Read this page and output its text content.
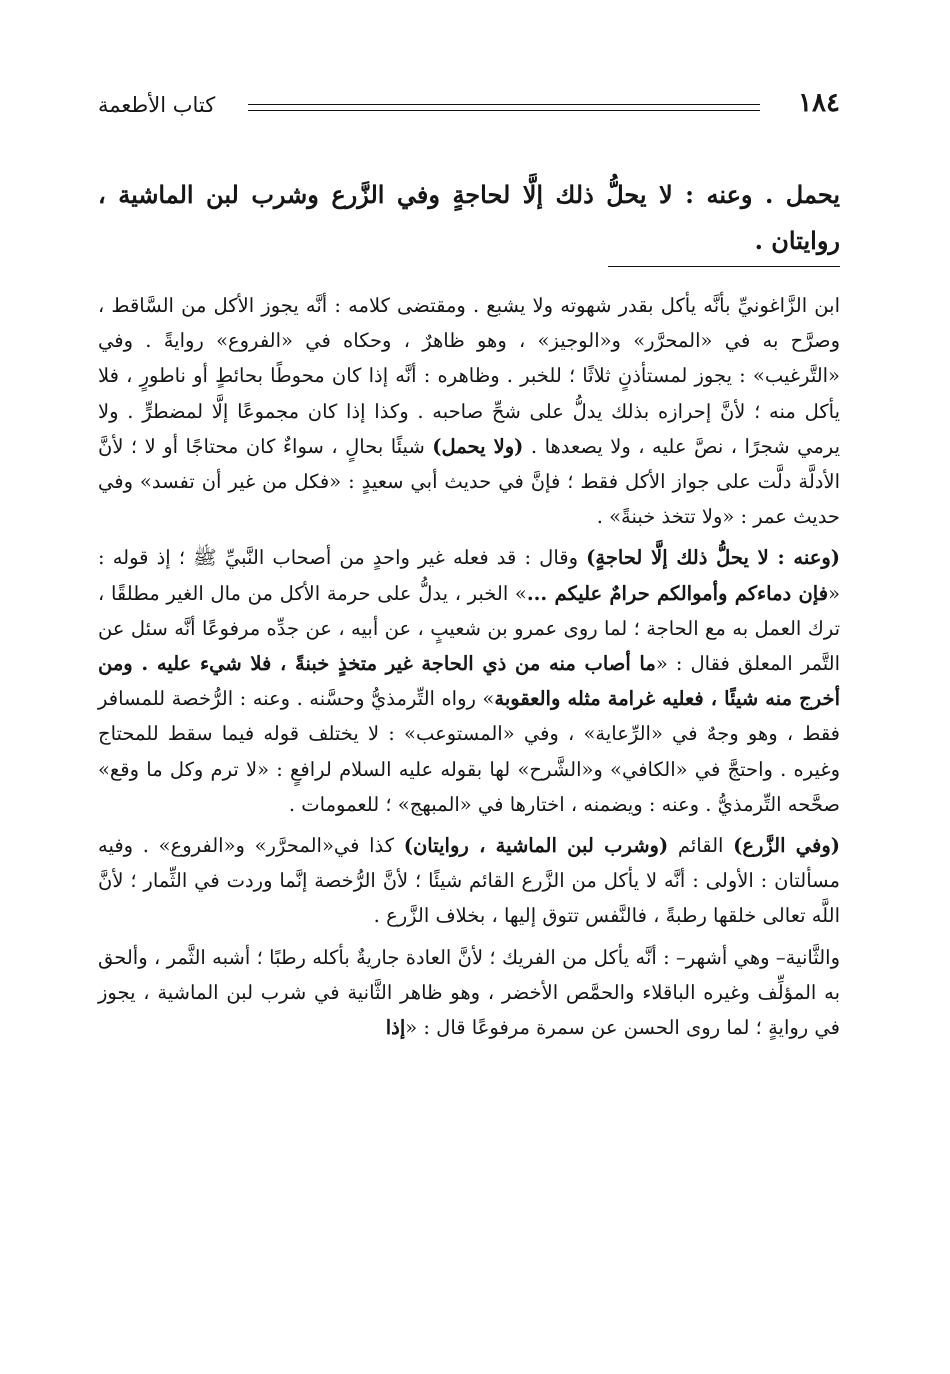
١٨٤
كتاب الأطعمة

يحمل . وعنه : لا يحلُّ ذلك إلَّا لحاجةٍ وفي الزَّرع وشرب لبن الماشية ، روايتان .

ابن الزَّاغونيِّ بأنَّه يأكل بقدر شهوته ولا يشبع . ومقتضى كلامه : أنَّه يجوز الأكل من السَّاقط ، وصرَّح به في «المحرَّر» و«الوجيز» ، وهو ظاهرٌ ، وحكاه في «الفروع» روايةً . وفي «التَّرغيب» : يجوز لمستأذنٍ ثلاثًا ؛ للخبر . وظاهره : أنَّه إذا كان محوطًا بحائطٍ أو ناطورٍ ، فلا يأكل منه ؛ لأنَّ إحرازه بذلك يدلُّ على شحِّ صاحبه . وكذا إذا كان مجموعًا إلَّا لمضطرٍّ . ولا يرمي شجرًا ، نصَّ عليه ، ولا يصعدها . (ولا يحمل) شيئًا بحالٍ ، سواءٌ كان محتاجًا أو لا ؛ لأنَّ الأدلَّة دلَّت على جواز الأكل فقط ؛ فإنَّ في حديث أبي سعيدٍ : «فكل من غير أن تفسد» وفي حديث عمر : «ولا تتخذ خبنةً» .

(وعنه : لا يحلُّ ذلك إلَّا لحاجةٍ) وقال : قد فعله غير واحدٍ من أصحاب النَّبيِّ ﷺ ؛ إذ قوله : «فإن دماءكم وأموالكم حرامٌ عليكم ...» الخبر ، يدلُّ على حرمة الأكل من مال الغير مطلقًا ، ترك العمل به مع الحاجة ؛ لما روى عمرو بن شعيبٍ ، عن أبيه ، عن جدِّه مرفوعًا أنَّه سئل عن التَّمر المعلق فقال : «ما أصاب منه من ذي الحاجة غير متخذٍ خبنةً ، فلا شيء عليه . ومن أخرج منه شيئًا ، فعليه غرامة مثله والعقوبة» رواه التِّرمذيُّ وحسَّنه . وعنه : الرُّخصة للمسافر فقط ، وهو وجهٌ في «الرِّعاية» ، وفي «المستوعب» : لا يختلف قوله فيما سقط للمحتاج وغيره . واحتجَّ في «الكافي» و«الشَّرح» لها بقوله عليه السلام لرافعٍ : «لا ترم وكل ما وقع» صحَّحه التِّرمذيُّ . وعنه : ويضمنه ، اختارها في «المبهج» ؛ للعمومات .

(وفي الزَّرع) القائم (وشرب لبن الماشية ، روايتان) كذا في«المحرَّر» و«الفروع» . وفيه مسألتان : الأولى : أنَّه لا يأكل من الزَّرع القائم شيئًا ؛ لأنَّ الرُّخصة إنَّما وردت في الثِّمار ؛ لأنَّ اللَّه تعالى خلقها رطبةً ، فالنَّفس تتوق إليها ، بخلاف الزَّرع .

والثَّانية– وهي أشهر– : أنَّه يأكل من الفريك ؛ لأنَّ العادة جاريةٌ بأكله رطبًا ؛ أشبه الثَّمر ، وألحق به المؤلِّف وغيره الباقلاء والحمَّص الأخضر ، وهو ظاهر الثَّانية في شرب لبن الماشية ، يجوز في روايةٍ ؛ لما روى الحسن عن سمرة مرفوعًا قال : «إذا
